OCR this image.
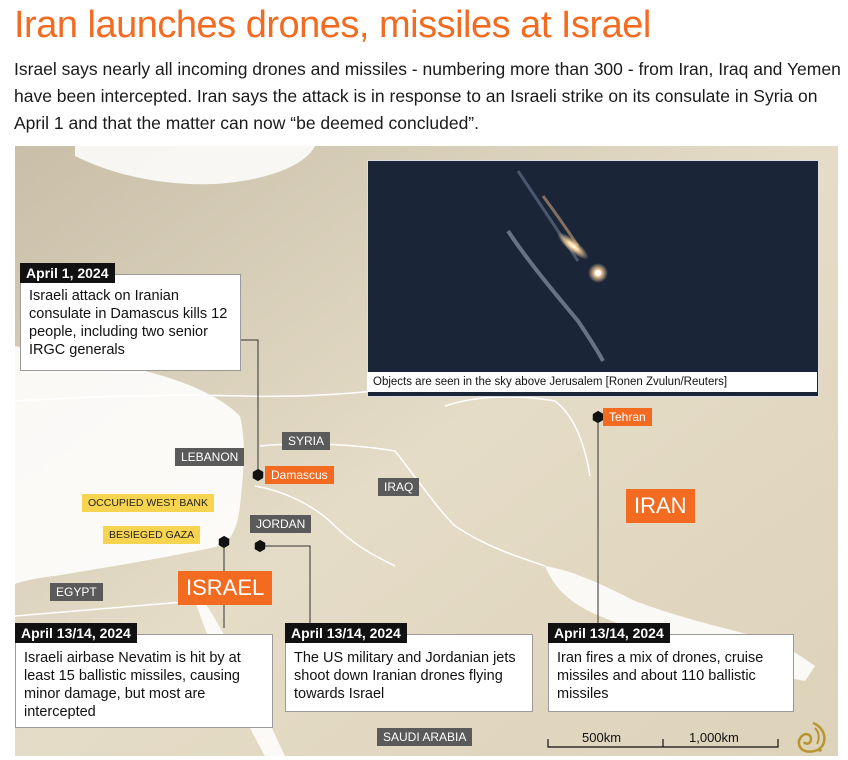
Iran launches drones, missiles at Israel
Israel says nearly all incoming drones and missiles - numbering more than 300 - from Iran, Iraq and Yemen have been intercepted. Iran says the attack is in response to an Israeli strike on its consulate in Syria on April 1 and that the matter can now “be deemed concluded”.
Objects are seen in the sky above Jerusalem [Ronen Zvulun/Reuters]
SYRIA
LEBANON
Damascus
IRAQ
OCCUPIED WEST BANK
BESIEGED GAZA
JORDAN
EGYPT	ISRAEL
Tehran
IRAN
SAUDI ARABIA
April 1, 2024
Israeli attack on Iranian consulate in Damascus kills 12 people, including two senior IRGC generals
April 13/14, 2024
Israeli airbase Nevatim is hit by at least 15 ballistic missiles, causing minor damage, but most are intercepted
April 13/14, 2024
The US military and Jordanian jets shoot down Iranian drones flying towards Israel
April 13/14, 2024
Iran fires a mix of drones, cruise missiles and about 110 ballistic missiles
500km	1,000km
